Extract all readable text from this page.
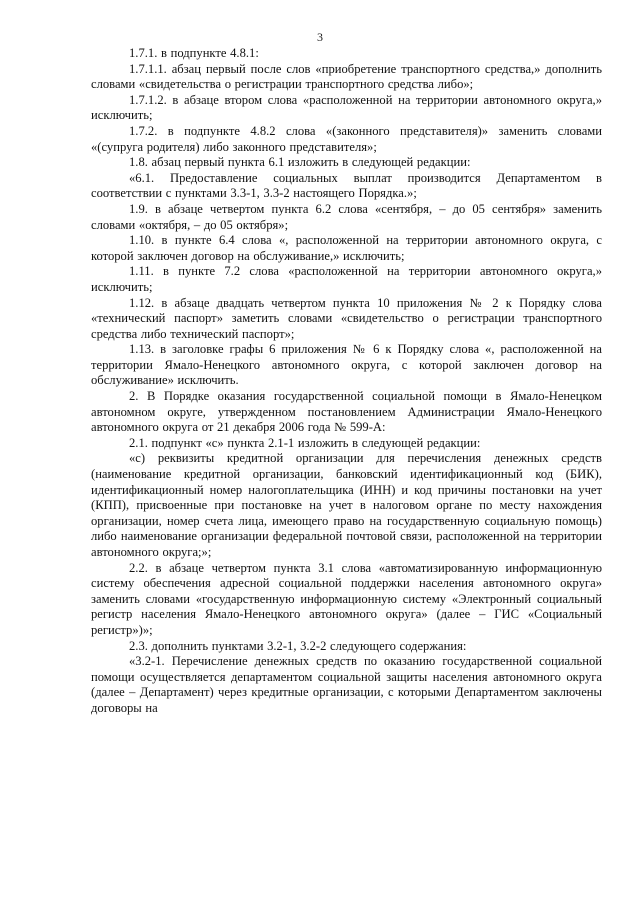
3

1.7.1. в подпункте 4.8.1:

1.7.1.1. абзац первый после слов «приобретение транспортного средства,» дополнить словами «свидетельства о регистрации транспортного средства либо»;

1.7.1.2. в абзаце втором слова «расположенной на территории автономного округа,» исключить;

1.7.2. в подпункте 4.8.2 слова «(законного представителя)» заменить словами «(супруга родителя) либо законного представителя»;

1.8. абзац первый пункта 6.1 изложить в следующей редакции:

«6.1. Предоставление социальных выплат производится Департаментом в соответствии с пунктами 3.3-1, 3.3-2 настоящего Порядка.»;

1.9. в абзаце четвертом пункта 6.2 слова «сентября, – до 05 сентября» заменить словами «октября, – до 05 октября»;

1.10. в пункте 6.4 слова «, расположенной на территории автономного округа, с которой заключен договор на обслуживание,» исключить;

1.11. в пункте 7.2 слова «расположенной на территории автономного округа,» исключить;

1.12. в абзаце двадцать четвертом пункта 10 приложения № 2 к Порядку слова «технический паспорт» заметить словами «свидетельство о регистрации транспортного средства либо технический паспорт»;

1.13. в заголовке графы 6 приложения № 6 к Порядку слова «, расположенной на территории Ямало-Ненецкого автономного округа, с которой заключен договор на обслуживание» исключить.

2. В Порядке оказания государственной социальной помощи в Ямало-Ненецком автономном округе, утвержденном постановлением Администрации Ямало-Ненецкого автономного округа от 21 декабря 2006 года № 599-А:

2.1. подпункт «с» пункта 2.1-1 изложить в следующей редакции:

«с) реквизиты кредитной организации для перечисления денежных средств (наименование кредитной организации, банковский идентификационный код (БИК), идентификационный номер налогоплательщика (ИНН) и код причины постановки на учет (КПП), присвоенные при постановке на учет в налоговом органе по месту нахождения организации, номер счета лица, имеющего право на государственную социальную помощь) либо наименование организации федеральной почтовой связи, расположенной на территории автономного округа;»;

2.2. в абзаце четвертом пункта 3.1 слова «автоматизированную информационную систему обеспечения адресной социальной поддержки населения автономного округа» заменить словами «государственную информационную систему «Электронный социальный регистр населения Ямало-Ненецкого автономного округа» (далее – ГИС «Социальный регистр»)»;

2.3. дополнить пунктами 3.2-1, 3.2-2 следующего содержания:

«3.2-1. Перечисление денежных средств по оказанию государственной социальной помощи осуществляется департаментом социальной защиты населения автономного округа (далее – Департамент) через кредитные организации, с которыми Департаментом заключены договоры на
